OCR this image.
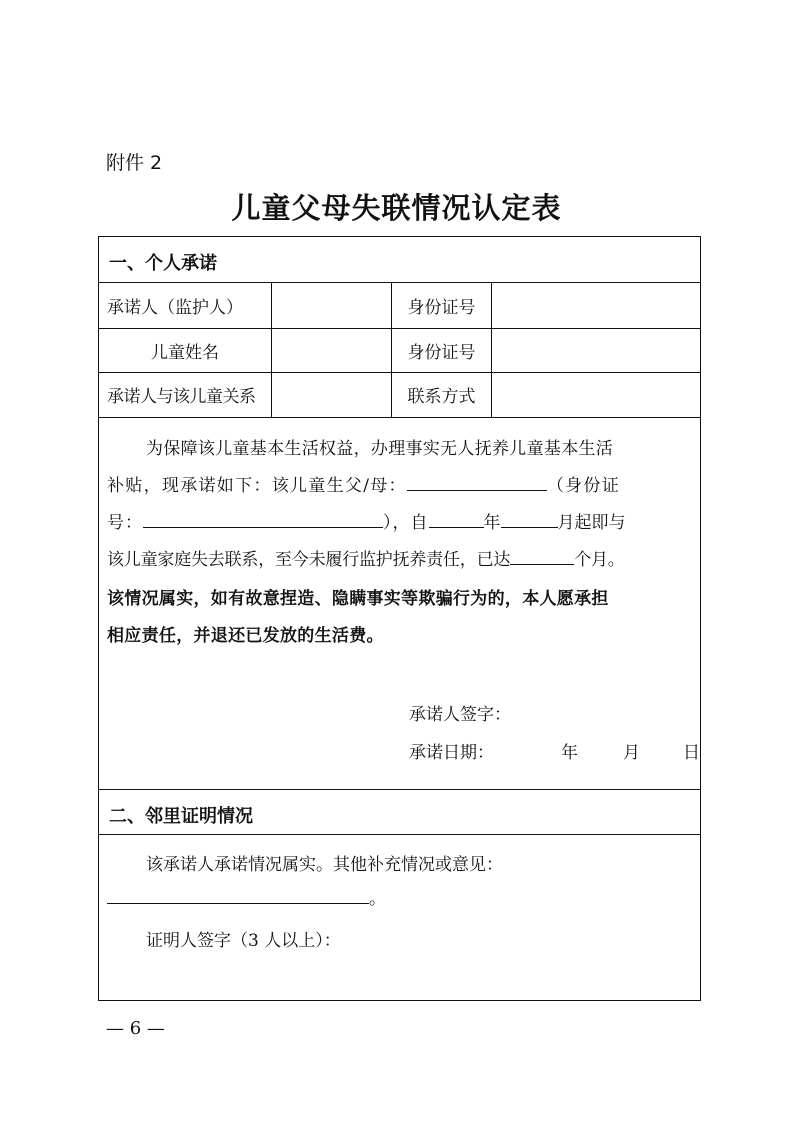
附件 2
儿童父母失联情况认定表
一、个人承诺
承诺人（监护人）	身份证号
儿童姓名	身份证号
承诺人与该儿童关系	联系方式
为保障该儿童基本生活权益，办理事实无人抚养儿童基本生活
补贴，现承诺如下：该儿童生父/母：	（身份证
号：	），自	年	月起即与
该儿童家庭失去联系，至今未履行监护抚养责任，已达	个月。
该情况属实，如有故意捏造、隐瞒事实等欺骗行为的，本人愿承担
相应责任，并退还已发放的生活费。
承诺人签字：
承诺日期：	年	月	日
二、邻里证明情况
该承诺人承诺情况属实。其他补充情况或意见：
。
证明人签字（3 人以上）：
— 6 —
